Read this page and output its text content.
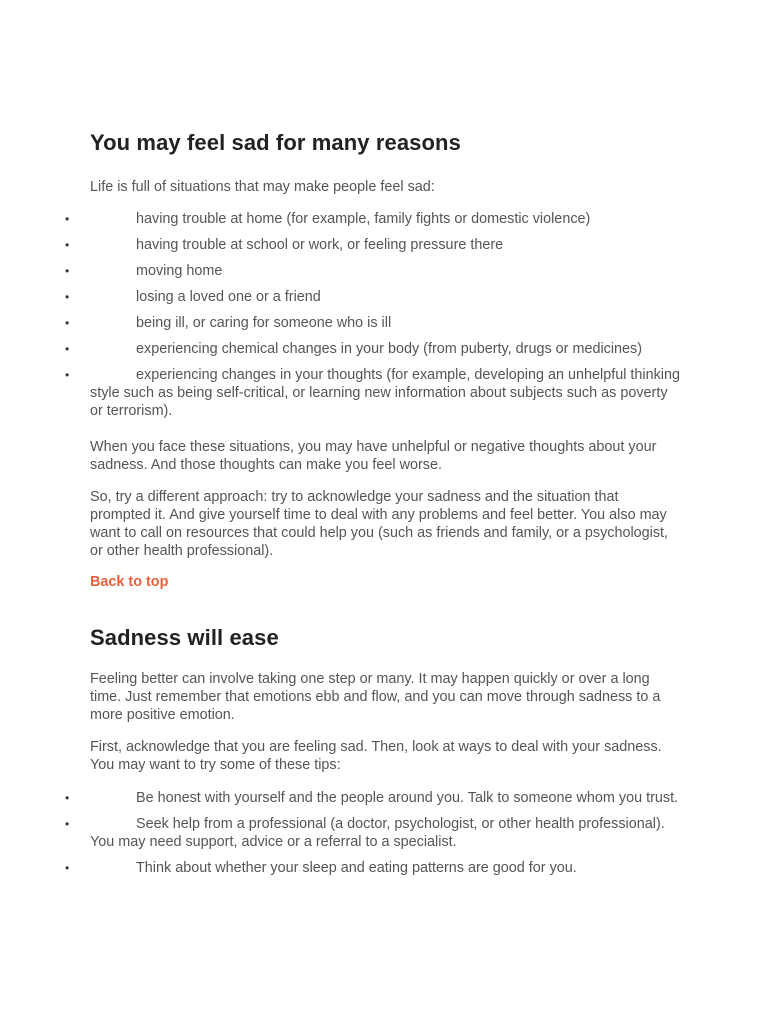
You may feel sad for many reasons

Life is full of situations that may make people feel sad:

•	having trouble at home (for example, family fights or domestic violence)
•	having trouble at school or work, or feeling pressure there
•	moving home
•	losing a loved one or a friend
•	being ill, or caring for someone who is ill
•	experiencing chemical changes in your body (from puberty, drugs or medicines)
•	experiencing changes in your thoughts (for example, developing an unhelpful thinking style such as being self-critical, or learning new information about subjects such as poverty or terrorism).

When you face these situations, you may have unhelpful or negative thoughts about your sadness. And those thoughts can make you feel worse.

So, try a different approach: try to acknowledge your sadness and the situation that prompted it. And give yourself time to deal with any problems and feel better. You also may want to call on resources that could help you (such as friends and family, or a psychologist, or other health professional).

Back to top
Sadness will ease

Feeling better can involve taking one step or many. It may happen quickly or over a long time. Just remember that emotions ebb and flow, and you can move through sadness to a more positive emotion.

First, acknowledge that you are feeling sad. Then, look at ways to deal with your sadness. You may want to try some of these tips:

•	Be honest with yourself and the people around you. Talk to someone whom you trust.
•	Seek help from a professional (a doctor, psychologist, or other health professional). You may need support, advice or a referral to a specialist.
•	Think about whether your sleep and eating patterns are good for you.
